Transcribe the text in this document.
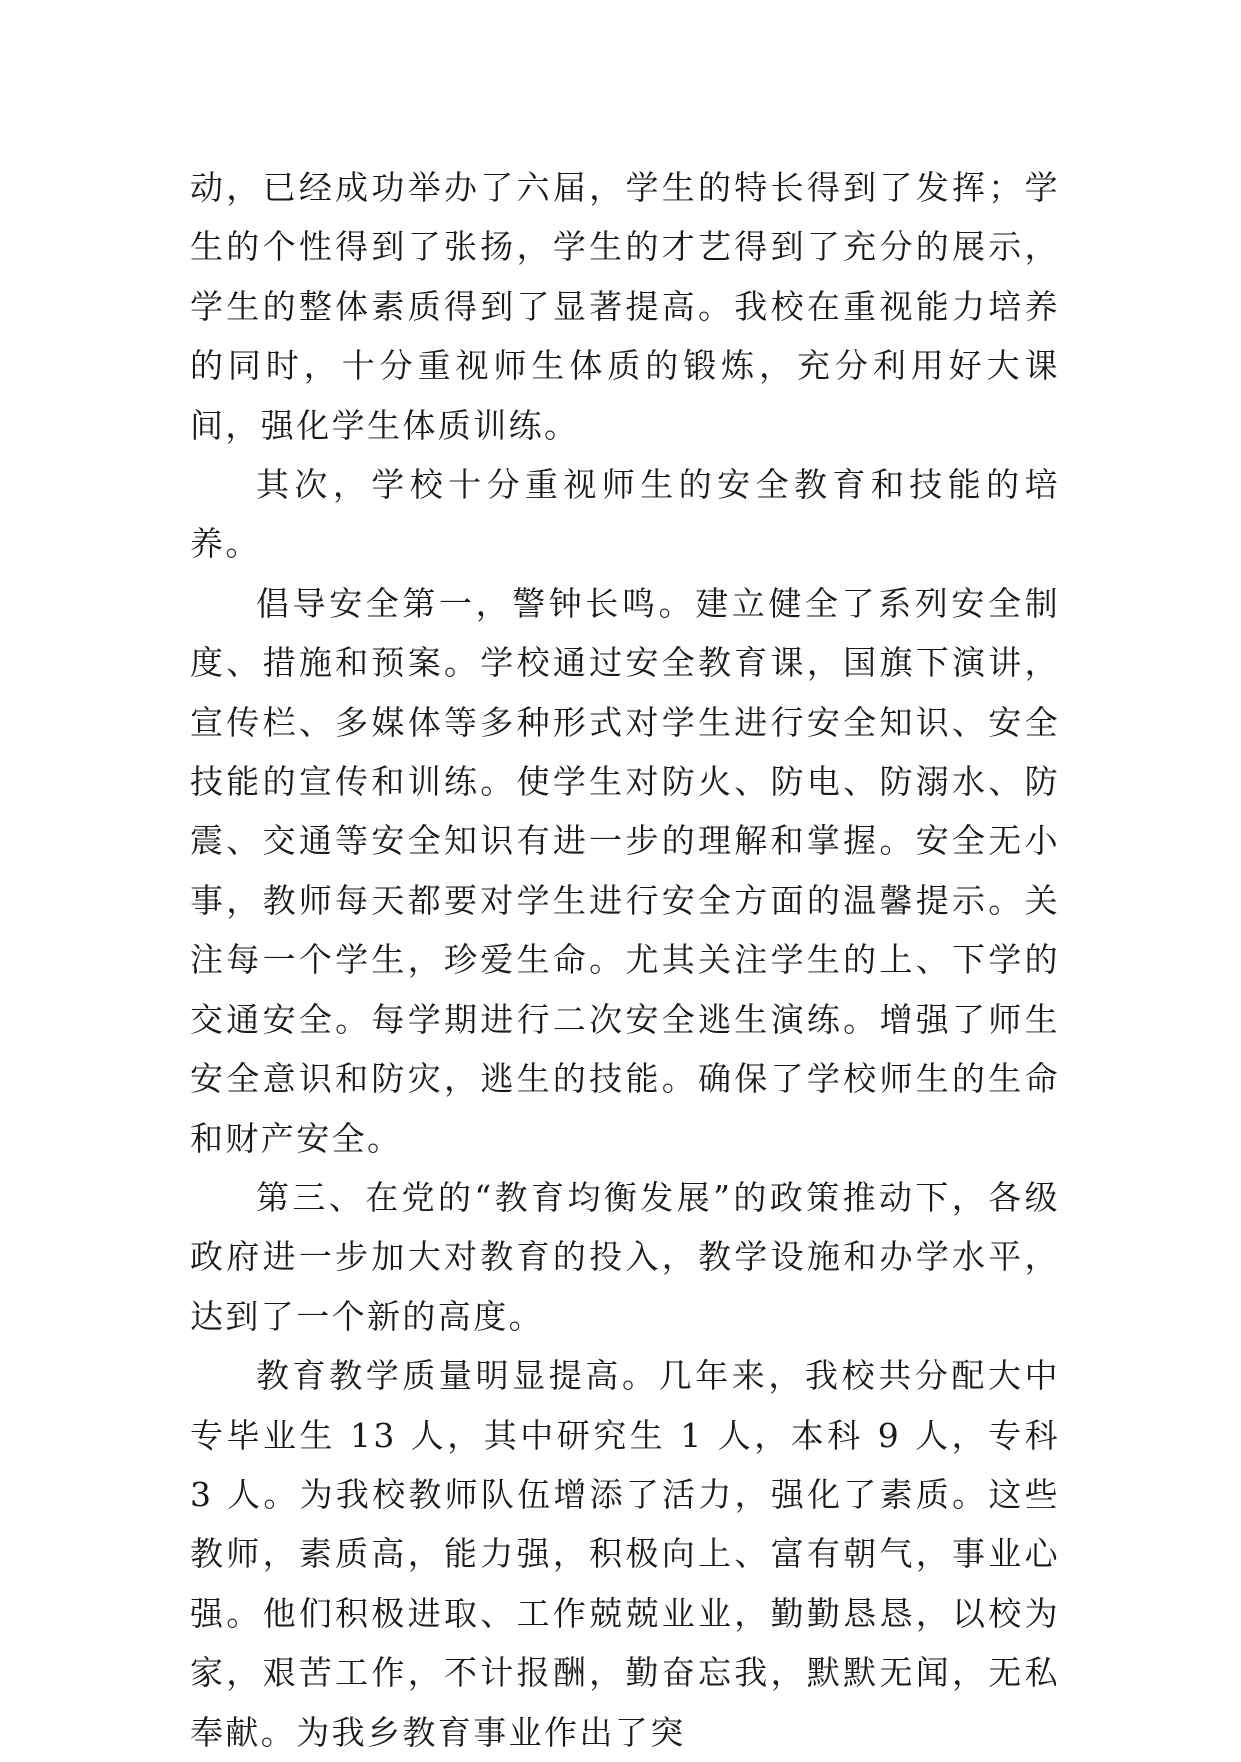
动，已经成功举办了六届，学生的特长得到了发挥；学生的个性得到了张扬，学生的才艺得到了充分的展示，学生的整体素质得到了显著提高。我校在重视能力培养的同时，十分重视师生体质的锻炼，充分利用好大课间，强化学生体质训练。

其次，学校十分重视师生的安全教育和技能的培养。

倡导安全第一，警钟长鸣。建立健全了系列安全制度、措施和预案。学校通过安全教育课，国旗下演讲，宣传栏、多媒体等多种形式对学生进行安全知识、安全技能的宣传和训练。使学生对防火、防电、防溺水、防震、交通等安全知识有进一步的理解和掌握。安全无小事，教师每天都要对学生进行安全方面的温馨提示。关注每一个学生，珍爱生命。尤其关注学生的上、下学的交通安全。每学期进行二次安全逃生演练。增强了师生安全意识和防灾，逃生的技能。确保了学校师生的生命和财产安全。

第三、在党的“教育均衡发展”的政策推动下，各级政府进一步加大对教育的投入，教学设施和办学水平，达到了一个新的高度。

教育教学质量明显提高。几年来，我校共分配大中专毕业生 13 人，其中研究生 1 人，本科 9 人，专科 3 人。为我校教师队伍增添了活力，强化了素质。这些教师，素质高，能力强，积极向上、富有朝气，事业心强。他们积极进取、工作兢兢业业，勤勤恳恳，以校为家，艰苦工作，不计报酬，勤奋忘我，默默无闻，无私奉献。为我乡教育事业作出了突
